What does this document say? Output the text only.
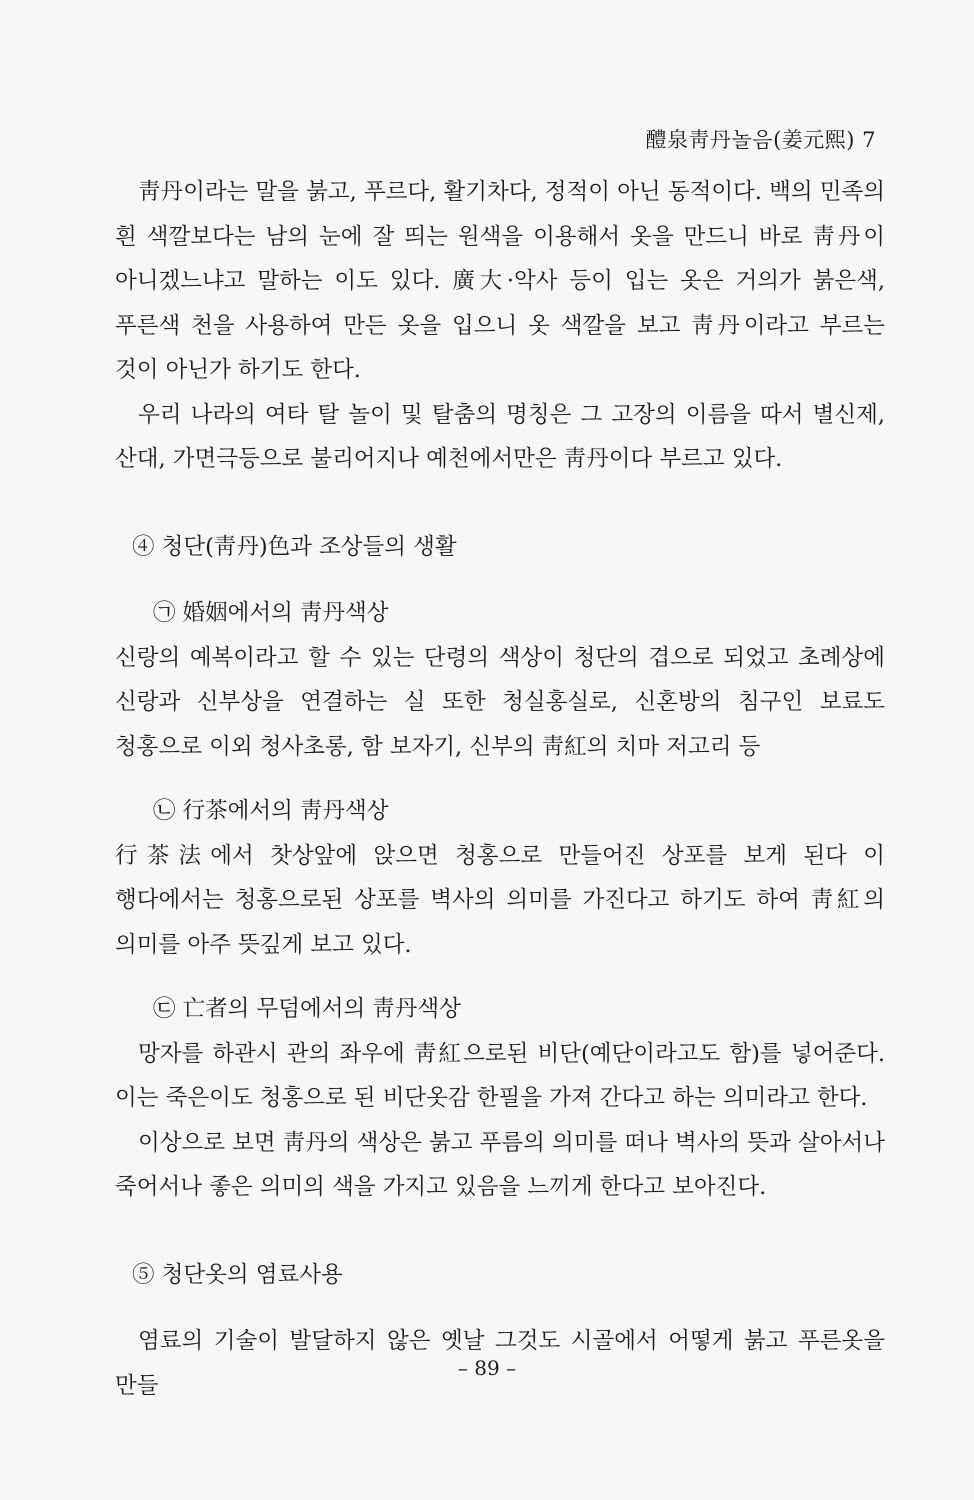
醴泉靑丹놀음(姜元熙) 7

靑丹이라는 말을 붉고, 푸르다, 활기차다, 정적이 아닌 동적이다. 백의 민족의 흰 색깔보다는 남의 눈에 잘 띄는 원색을 이용해서 옷을 만드니 바로 靑丹이 아니겠느냐고 말하는 이도 있다. 廣大·악사 등이 입는 옷은 거의가 붉은색, 푸른색 천을 사용하여 만든 옷을 입으니 옷 색깔을 보고 靑丹이라고 부르는 것이 아닌가 하기도 한다.

우리 나라의 여타 탈 놀이 및 탈춤의 명칭은 그 고장의 이름을 따서 별신제, 산대, 가면극등으로 불리어지나 예천에서만은 靑丹이다 부르고 있다.

④ 청단(靑丹)色과 조상들의 생활

㉠ 婚姻에서의 靑丹색상

신랑의 예복이라고 할 수 있는 단령의 색상이 청단의 겹으로 되었고 초례상에 신랑과 신부상을 연결하는 실 또한 청실홍실로, 신혼방의 침구인 보료도 청홍으로 이외 청사초롱, 함 보자기, 신부의 靑紅의 치마 저고리 등

㉡ 行茶에서의 靑丹색상

行茶法에서 찻상앞에 앉으면 청홍으로 만들어진 상포를 보게 된다 이 행다에서는 청홍으로된 상포를 벽사의 의미를 가진다고 하기도 하여 靑紅의 의미를 아주 뜻깊게 보고 있다.

㉢ 亡者의 무덤에서의 靑丹색상

망자를 하관시 관의 좌우에 靑紅으로된 비단(예단이라고도 함)를 넣어준다. 이는 죽은이도 청홍으로 된 비단옷감 한필을 가져 간다고 하는 의미라고 한다.

이상으로 보면 靑丹의 색상은 붉고 푸름의 의미를 떠나 벽사의 뜻과 살아서나 죽어서나 좋은 의미의 색을 가지고 있음을 느끼게 한다고 보아진다.

⑤ 청단옷의 염료사용

염료의 기술이 발달하지 않은 옛날 그것도 시골에서 어떻게 붉고 푸른옷을 만들

– 89 –
